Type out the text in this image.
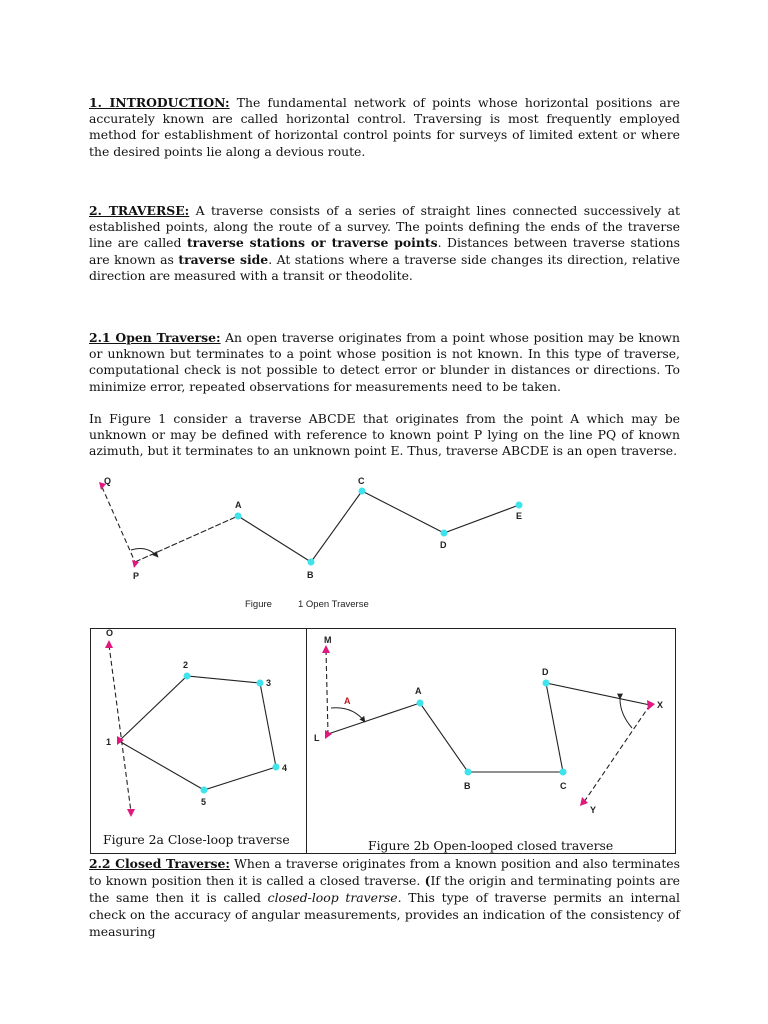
1. INTRODUCTION: The fundamental network of points whose horizontal positions are accurately known are called horizontal control. Traversing is most frequently employed method for establishment of horizontal control points for surveys of limited extent or where the desired points lie along a devious route.

2. TRAVERSE: A traverse consists of a series of straight lines connected successively at established points, along the route of a survey. The points defining the ends of the traverse line are called traverse stations or traverse points. Distances between traverse stations are known as traverse side. At stations where a traverse side changes its direction, relative direction are measured with a transit or theodolite.

2.1 Open Traverse: An open traverse originates from a point whose position may be known or unknown but terminates to a point whose position is not known. In this type of traverse, computational check is not possible to detect error or blunder in distances or directions. To minimize error, repeated observations for measurements need to be taken.

In Figure 1 consider a traverse ABCDE that originates from the point A which may be unknown or may be defined with reference to known point P lying on the line PQ of known azimuth, but it terminates to an unknown point E. Thus, traverse ABCDE is an open traverse.

2.2 Closed Traverse: When a traverse originates from a known position and also terminates to known position then it is called a closed traverse. (If the origin and terminating points are the same then it is called closed-loop traverse. This type of traverse permits an internal check on the accuracy of angular measurements, provides an indication of the consistency of measuring

Q
P
A
B
C
D
E
Figure	1 Open Traverse
O
1
2
3
4
5
Figure 2a Close-loop traverse
M
L
A
A
B	C
D
X
Y
Figure 2b Open-looped closed traverse
